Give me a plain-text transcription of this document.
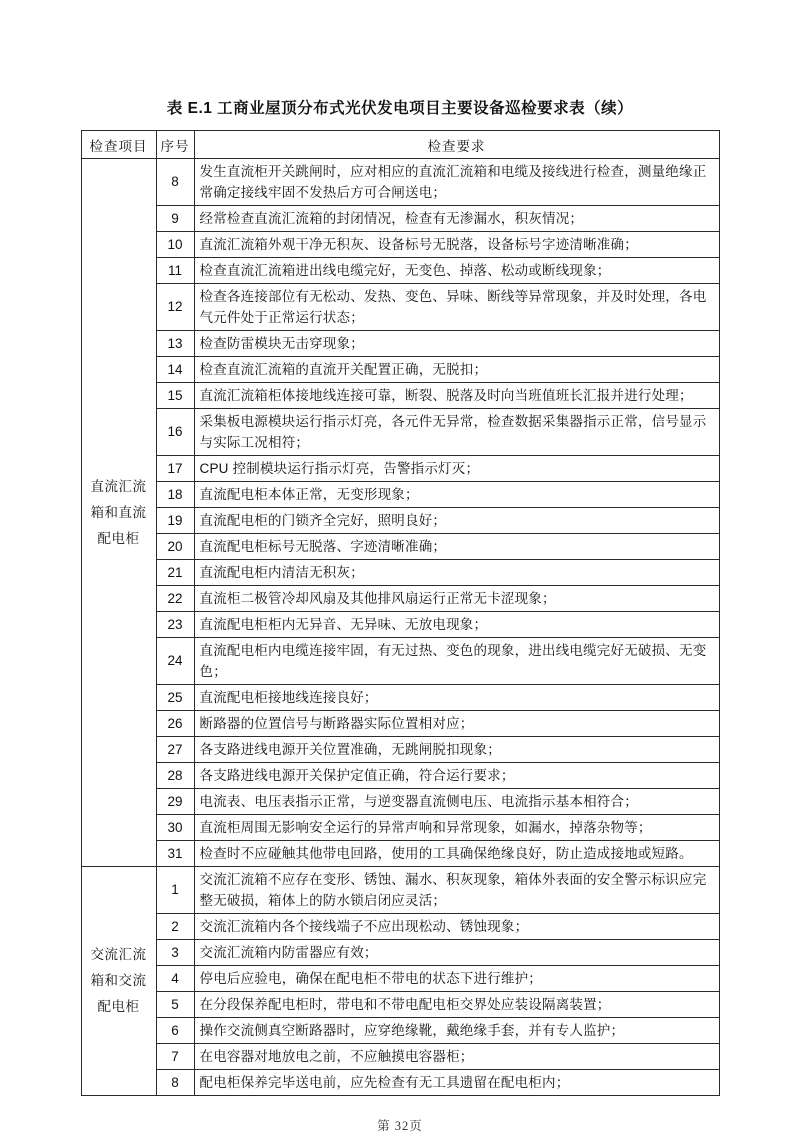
表 E.1 工商业屋顶分布式光伏发电项目主要设备巡检要求表（续）
检查项目	序号	检查要求
直流汇流箱和直流配电柜	8	发生直流柜开关跳闸时，应对相应的直流汇流箱和电缆及接线进行检查，测量绝缘正常确定接线牢固不发热后方可合闸送电；
	9	经常检查直流汇流箱的封闭情况，检查有无渗漏水，积灰情况；
	10	直流汇流箱外观干净无积灰、设备标号无脱落，设备标号字迹清晰准确；
	11	检查直流汇流箱进出线电缆完好，无变色、掉落、松动或断线现象；
	12	检查各连接部位有无松动、发热、变色、异味、断线等异常现象，并及时处理，各电气元件处于正常运行状态；
	13	检查防雷模块无击穿现象；
	14	检查直流汇流箱的直流开关配置正确，无脱扣；
	15	直流汇流箱柜体接地线连接可靠，断裂、脱落及时向当班值班长汇报并进行处理；
	16	采集板电源模块运行指示灯亮，各元件无异常，检查数据采集器指示正常，信号显示与实际工况相符；
	17	CPU 控制模块运行指示灯亮，告警指示灯灭；
	18	直流配电柜本体正常，无变形现象；
	19	直流配电柜的门锁齐全完好，照明良好；
	20	直流配电柜标号无脱落、字迹清晰准确；
	21	直流配电柜内清洁无积灰；
	22	直流柜二极管冷却风扇及其他排风扇运行正常无卡涩现象；
	23	直流配电柜柜内无异音、无异味、无放电现象；
	24	直流配电柜内电缆连接牢固，有无过热、变色的现象，进出线电缆完好无破损、无变色；
	25	直流配电柜接地线连接良好；
	26	断路器的位置信号与断路器实际位置相对应；
	27	各支路进线电源开关位置准确，无跳闸脱扣现象；
	28	各支路进线电源开关保护定值正确，符合运行要求；
	29	电流表、电压表指示正常，与逆变器直流侧电压、电流指示基本相符合；
	30	直流柜周围无影响安全运行的异常声响和异常现象，如漏水，掉落杂物等；
	31	检查时不应碰触其他带电回路，使用的工具确保绝缘良好，防止造成接地或短路。
交流汇流箱和交流配电柜	1	交流汇流箱不应存在变形、锈蚀、漏水、积灰现象，箱体外表面的安全警示标识应完整无破损，箱体上的防水锁启闭应灵活；
	2	交流汇流箱内各个接线端子不应出现松动、锈蚀现象；
	3	交流汇流箱内防雷器应有效；
	4	停电后应验电，确保在配电柜不带电的状态下进行维护；
	5	在分段保养配电柜时，带电和不带电配电柜交界处应装设隔离装置；
	6	操作交流侧真空断路器时，应穿绝缘靴，戴绝缘手套，并有专人监护；
	7	在电容器对地放电之前，不应触摸电容器柜；
	8	配电柜保养完毕送电前，应先检查有无工具遗留在配电柜内；
第 32页
